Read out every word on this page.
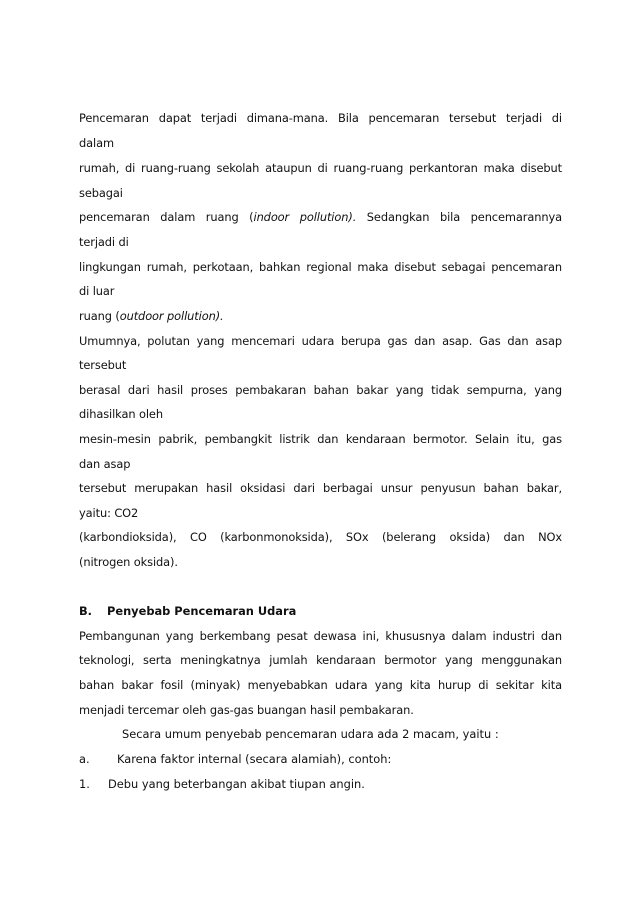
Pencemaran dapat terjadi dimana-mana. Bila pencemaran tersebut terjadi di
dalam
rumah, di ruang-ruang sekolah ataupun di ruang-ruang perkantoran maka disebut
sebagai
pencemaran dalam ruang (indoor pollution). Sedangkan bila pencemarannya
terjadi di
lingkungan rumah, perkotaan, bahkan regional maka disebut sebagai pencemaran
di luar
ruang (outdoor pollution).
Umumnya, polutan yang mencemari udara berupa gas dan asap. Gas dan asap
tersebut
berasal dari hasil proses pembakaran bahan bakar yang tidak sempurna, yang
dihasilkan oleh
mesin-mesin pabrik, pembangkit listrik dan kendaraan bermotor. Selain itu, gas
dan asap
tersebut merupakan hasil oksidasi dari berbagai unsur penyusun bahan bakar,
yaitu: CO2
(karbondioksida), CO (karbonmonoksida), SOx (belerang oksida) dan NOx
(nitrogen oksida).
B. Penyebab Pencemaran Udara
Pembangunan yang berkembang pesat dewasa ini, khususnya dalam industri dan
teknologi, serta meningkatnya jumlah kendaraan bermotor yang menggunakan
bahan bakar fosil (minyak) menyebabkan udara yang kita hurup di sekitar kita
menjadi tercemar oleh gas-gas buangan hasil pembakaran.
Secara umum penyebab pencemaran udara ada 2 macam, yaitu :
a. Karena faktor internal (secara alamiah), contoh:
1. Debu yang beterbangan akibat tiupan angin.
